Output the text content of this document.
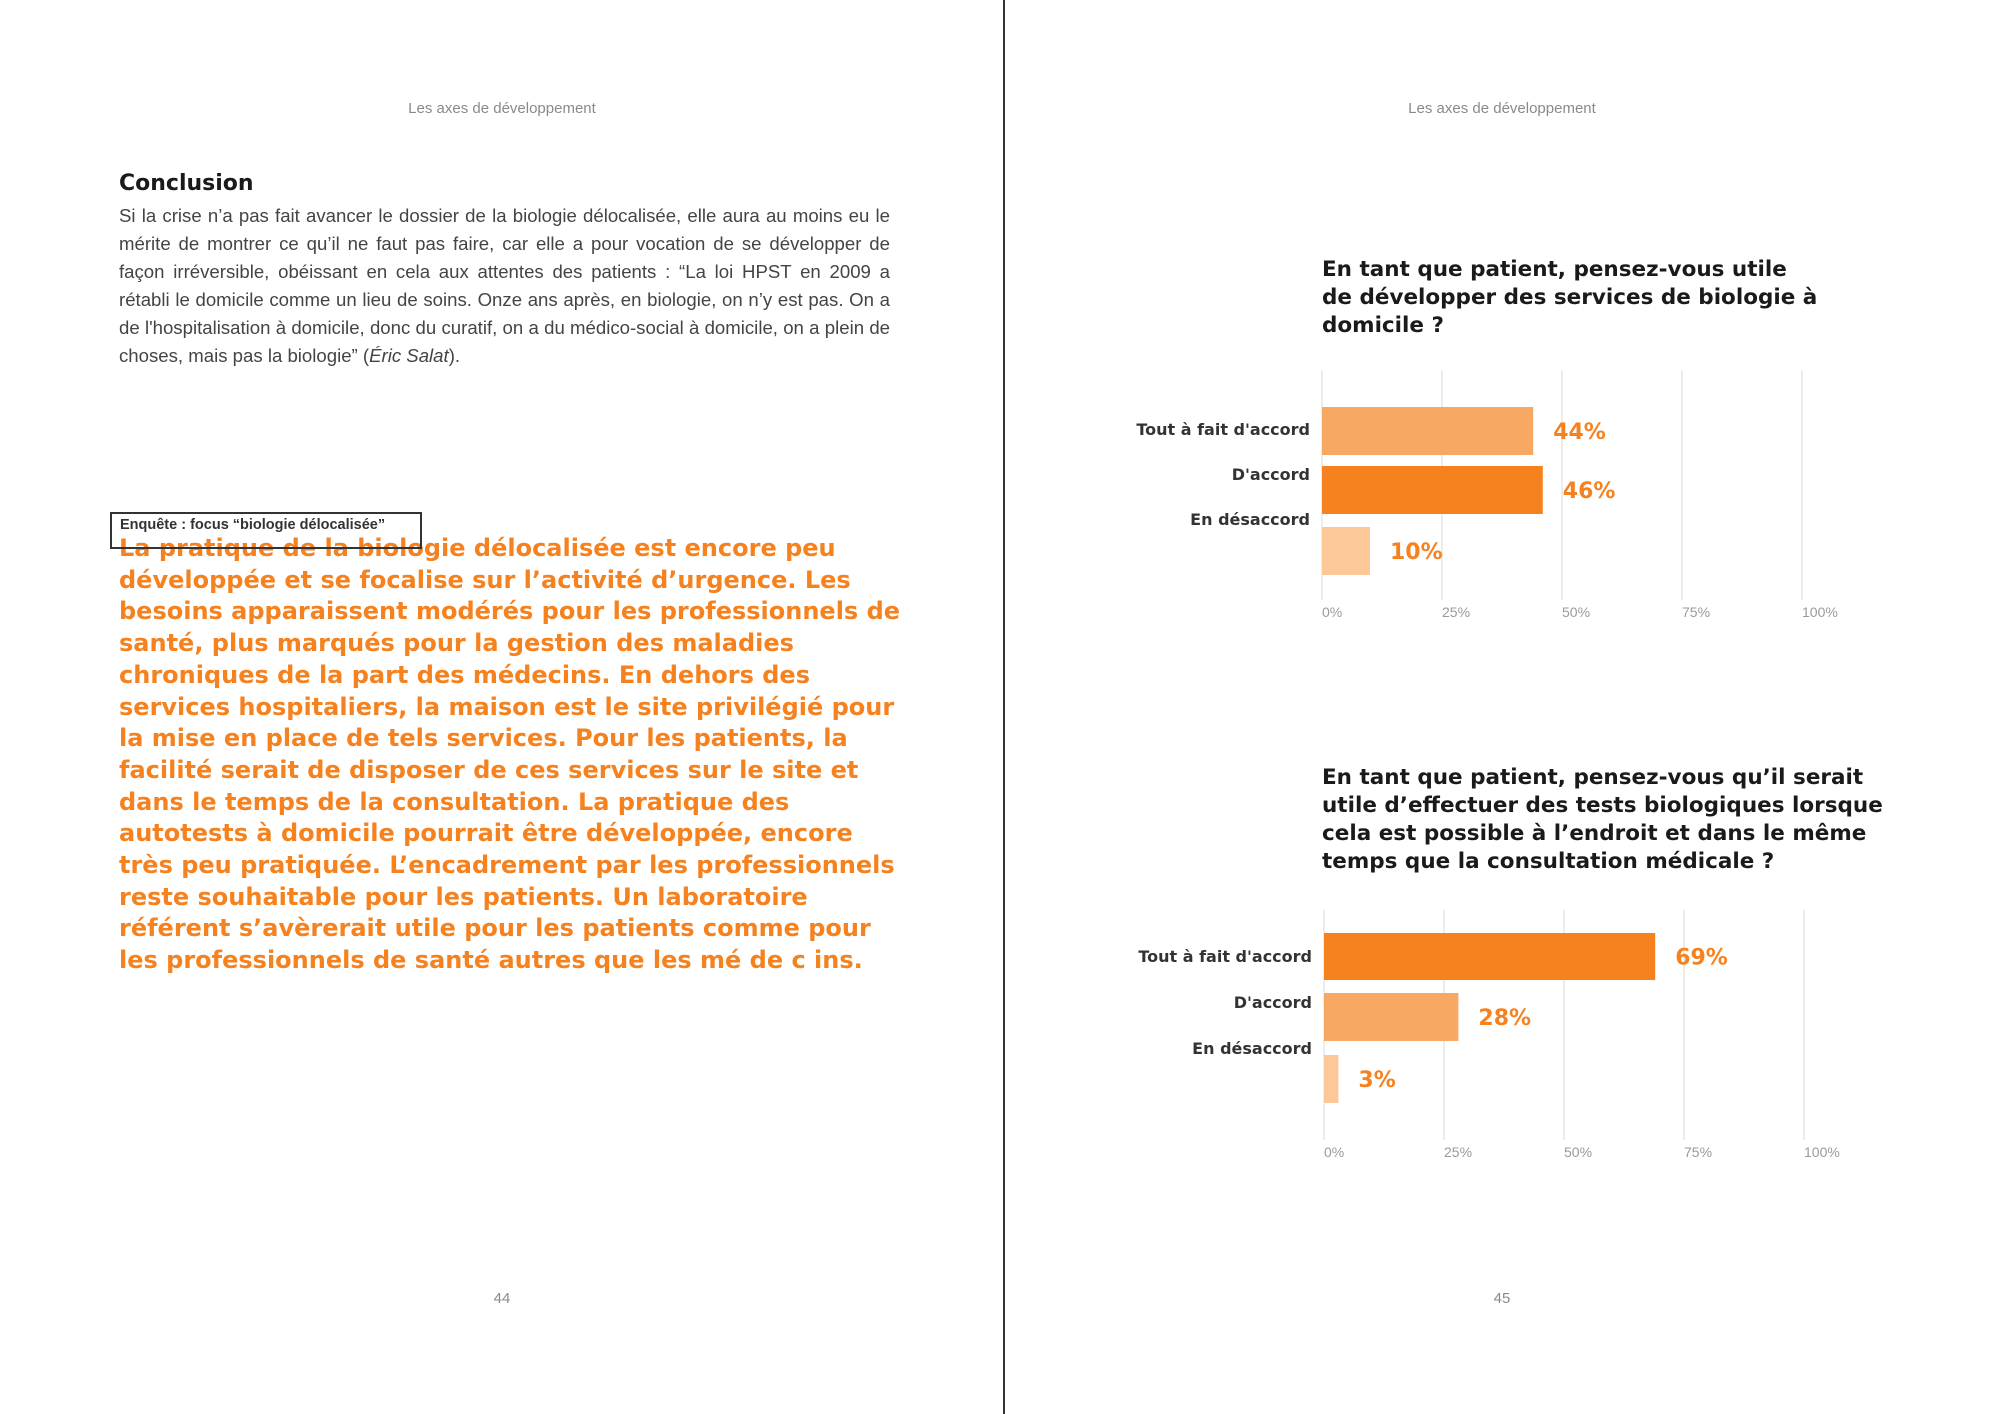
Les axes de développement
Conclusion

Si la crise n’a pas fait avancer le dossier de la biologie délocalisée, elle aura au moins eu le mérite de montrer ce qu’il ne faut pas faire, car elle a pour vocation de se développer de façon irréversible, obéissant en cela aux attentes des patients : “La loi HPST en 2009 a rétabli le domicile comme un lieu de soins. Onze ans après, en biologie, on n’y est pas. On a de l'hospitalisation à domicile, donc du curatif, on a du médico-social à domicile, on a plein de choses, mais pas la biologie” (Éric Salat).

La pratique de la biologie délocalisée est encore peu développée et se focalise sur l’activité d’urgence. Les besoins apparaissent modérés pour les professionnels de santé, plus marqués pour la gestion des maladies chroniques de la part des médecins. En dehors des services hospitaliers, la maison est le site privilégié pour la mise en place de tels services. Pour les patients, la facilité serait de disposer de ces services sur le site et dans le temps de la consultation. La pratique des autotests à domicile pourrait être développée, encore très peu pratiquée. L’encadrement par les professionnels reste souhaitable pour les patients. Un laboratoire référent s’avèrerait utile pour les patients comme pour les professionnels de santé autres que les mé de c ins.

Enquête : focus “biologie délocalisée”
44
Les axes de développement

En tant que patient, pensez-vous utile de développer des services de biologie à domicile ?

0%	25%	50%	75%	100%
Tout à fait d'accord	44%
D'accord
46%
En désaccord
10%

En tant que patient, pensez-vous qu’il serait utile d’effectuer des tests biologiques lorsque cela est possible à l’endroit et dans le même temps que la consultation médicale ?

0%	25%	50%	75%	100%
Tout à fait d'accord	69%
D'accord
28%
En désaccord
3%
45
